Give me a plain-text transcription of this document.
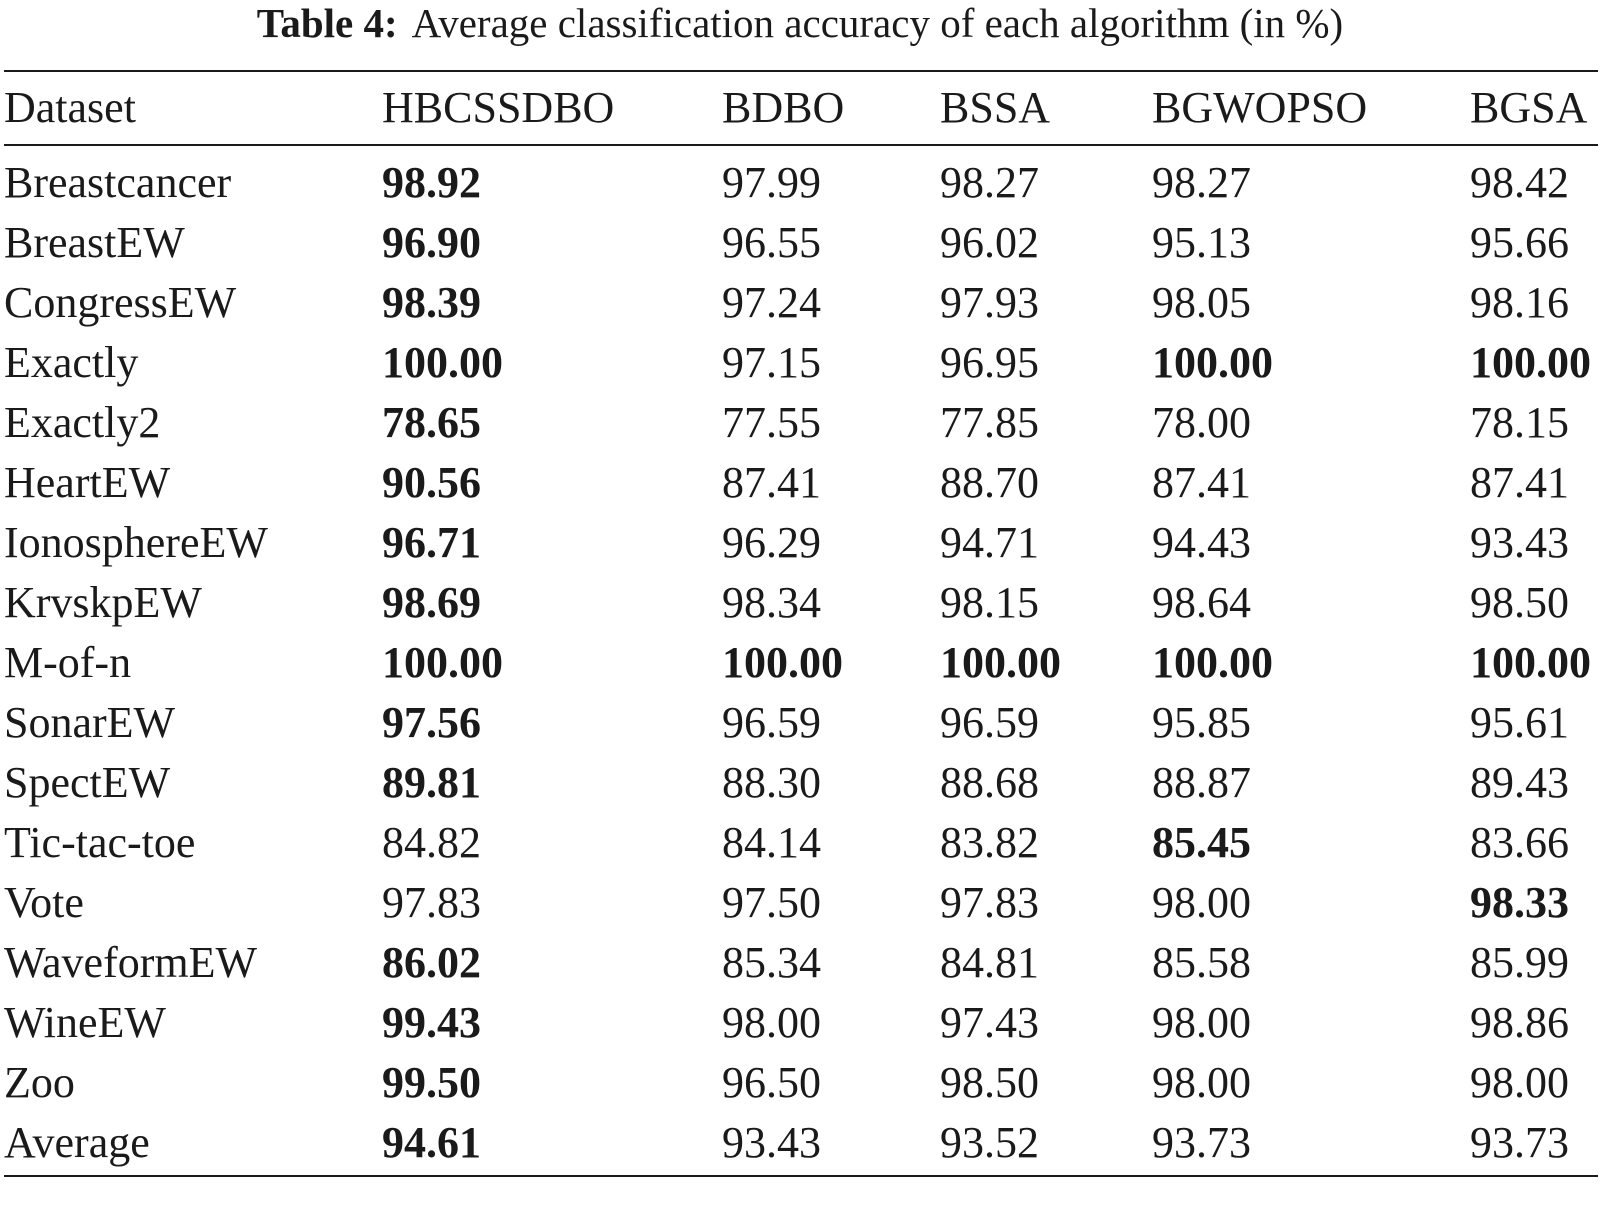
Table 4: Average classification accuracy of each algorithm (in %)
Dataset	HBCSSDBO	BDBO	BSSA	BGWOPSO	BGSA
Breastcancer	98.92	97.99	98.27	98.27	98.42
BreastEW	96.90	96.55	96.02	95.13	95.66
CongressEW	98.39	97.24	97.93	98.05	98.16
Exactly	100.00	97.15	96.95	100.00	100.00
Exactly2	78.65	77.55	77.85	78.00	78.15
HeartEW	90.56	87.41	88.70	87.41	87.41
IonosphereEW	96.71	96.29	94.71	94.43	93.43
KrvskpEW	98.69	98.34	98.15	98.64	98.50
M-of-n	100.00	100.00	100.00	100.00	100.00
SonarEW	97.56	96.59	96.59	95.85	95.61
SpectEW	89.81	88.30	88.68	88.87	89.43
Tic-tac-toe	84.82	84.14	83.82	85.45	83.66
Vote	97.83	97.50	97.83	98.00	98.33
WaveformEW	86.02	85.34	84.81	85.58	85.99
WineEW	99.43	98.00	97.43	98.00	98.86
Zoo	99.50	96.50	98.50	98.00	98.00
Average	94.61	93.43	93.52	93.73	93.73
